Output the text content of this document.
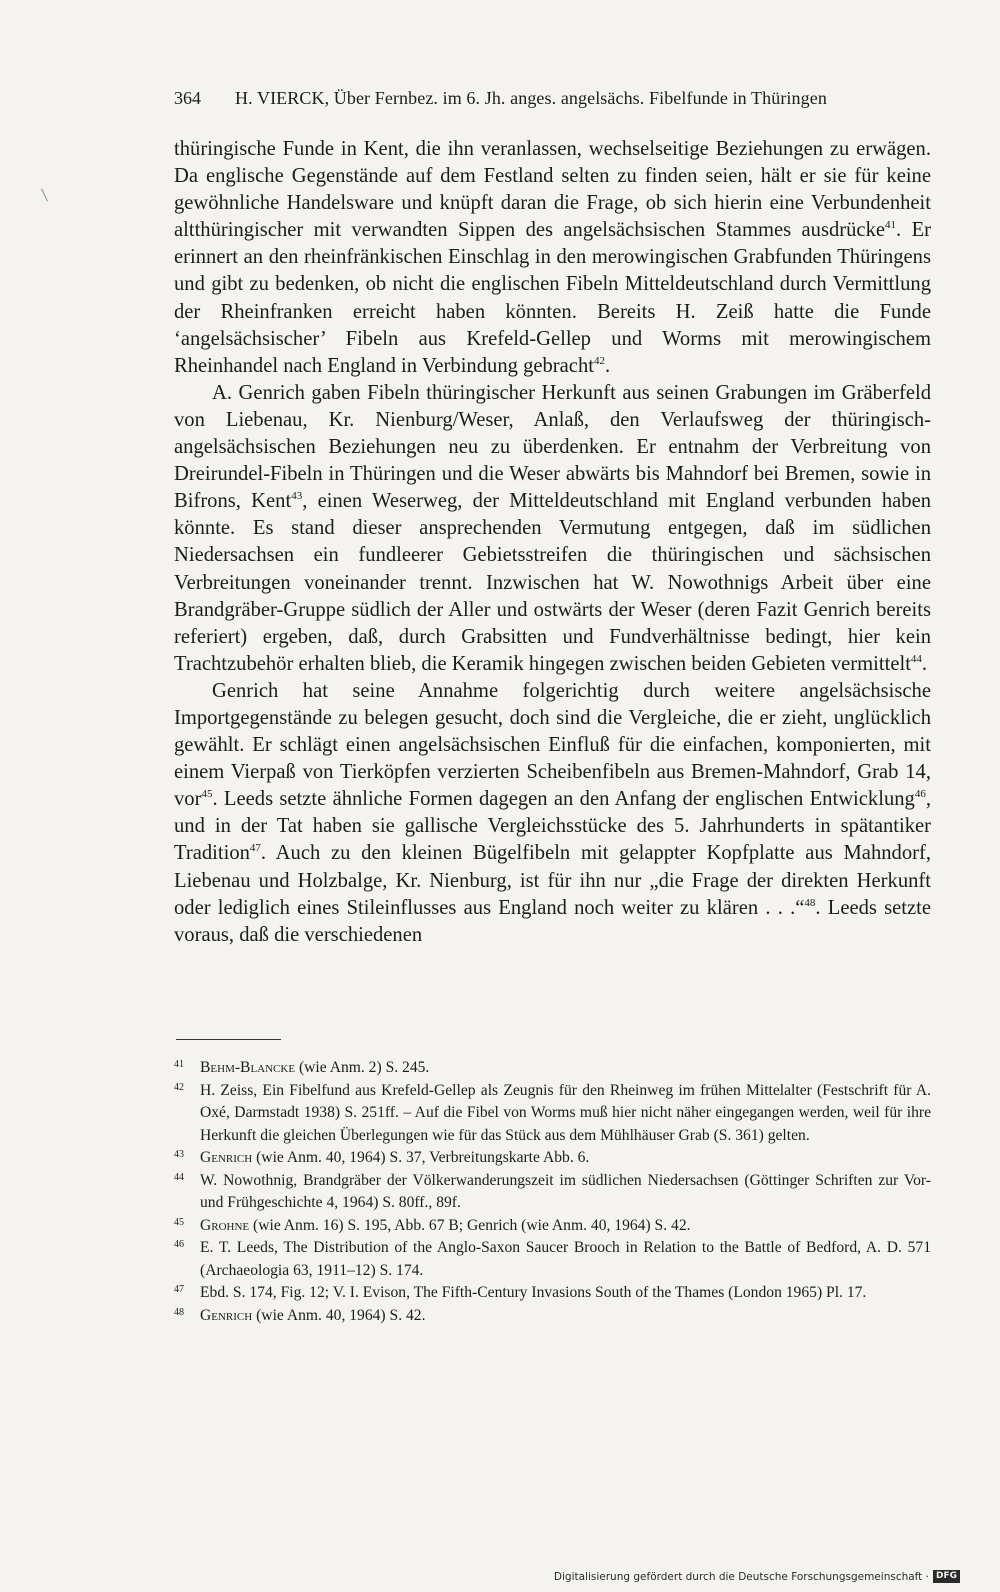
364 H. VIERCK, Über Fernbez. im 6. Jh. anges. angelsächs. Fibelfunde in Thüringen

thüringische Funde in Kent, die ihn veranlassen, wechselseitige Beziehungen zu erwägen. Da englische Gegenstände auf dem Festland selten zu finden seien, hält er sie für keine gewöhnliche Handelsware und knüpft daran die Frage, ob sich hierin eine Verbundenheit altthüringischer mit verwandten Sippen des angelsächsischen Stammes ausdrücke$^{41}$. Er erinnert an den rheinfränkischen Einschlag in den merowingischen Grabfunden Thüringens und gibt zu bedenken, ob nicht die englischen Fibeln Mitteldeutschland durch Vermittlung der Rheinfranken erreicht haben könnten. Bereits H. Zeiß hatte die Funde ‘angelsächsischer’ Fibeln aus Krefeld-Gellep und Worms mit merowingischem Rheinhandel nach England in Verbindung gebracht$^{42}$.

A. Genrich gaben Fibeln thüringischer Herkunft aus seinen Grabungen im Gräberfeld von Liebenau, Kr. Nienburg/Weser, Anlaß, den Verlaufsweg der thüringisch-angelsächsischen Beziehungen neu zu überdenken. Er entnahm der Verbreitung von Dreirundel-Fibeln in Thüringen und die Weser abwärts bis Mahndorf bei Bremen, sowie in Bifrons, Kent$^{43}$, einen Weserweg, der Mitteldeutschland mit England verbunden haben könnte. Es stand dieser ansprechenden Vermutung entgegen, daß im südlichen Niedersachsen ein fundleerer Gebietsstreifen die thüringischen und sächsischen Verbreitungen voneinander trennt. Inzwischen hat W. Nowothnigs Arbeit über eine Brandgräber-Gruppe südlich der Aller und ostwärts der Weser (deren Fazit Genrich bereits referiert) ergeben, daß, durch Grabsitten und Fundverhältnisse bedingt, hier kein Trachtzubehör erhalten blieb, die Keramik hingegen zwischen beiden Gebieten vermittelt$^{44}$.

Genrich hat seine Annahme folgerichtig durch weitere angelsächsische Importgegenstände zu belegen gesucht, doch sind die Vergleiche, die er zieht, unglücklich gewählt. Er schlägt einen angelsächsischen Einfluß für die einfachen, komponierten, mit einem Vierpaß von Tierköpfen verzierten Scheibenfibeln aus Bremen-Mahndorf, Grab 14, vor$^{45}$. Leeds setzte ähnliche Formen dagegen an den Anfang der englischen Entwicklung$^{46}$, und in der Tat haben sie gallische Vergleichsstücke des 5. Jahrhunderts in spätantiker Tradition$^{47}$. Auch zu den kleinen Bügelfibeln mit gelappter Kopfplatte aus Mahndorf, Liebenau und Holzbalge, Kr. Nienburg, ist für ihn nur „die Frage der direkten Herkunft oder lediglich eines Stileinflusses aus England noch weiter zu klären . . .“$^{48}$. Leeds setzte voraus, daß die verschiedenen

41	Behm-Blancke (wie Anm. 2) S. 245.
42	H. Zeiss, Ein Fibelfund aus Krefeld-Gellep als Zeugnis für den Rheinweg im frühen Mittelalter (Festschrift für A. Oxé, Darmstadt 1938) S. 251ff. – Auf die Fibel von Worms muß hier nicht näher eingegangen werden, weil für ihre Herkunft die gleichen Überlegungen wie für das Stück aus dem Mühlhäuser Grab (S. 361) gelten.
43	Genrich (wie Anm. 40, 1964) S. 37, Verbreitungskarte Abb. 6.
44	W. Nowothnig, Brandgräber der Völkerwanderungszeit im südlichen Niedersachsen (Göttinger Schriften zur Vor- und Frühgeschichte 4, 1964) S. 80ff., 89f.
45	Grohne (wie Anm. 16) S. 195, Abb. 67 B; Genrich (wie Anm. 40, 1964) S. 42.
46	E. T. Leeds, The Distribution of the Anglo-Saxon Saucer Brooch in Relation to the Battle of Bedford, A. D. 571 (Archaeologia 63, 1911–12) S. 174.
47	Ebd. S. 174, Fig. 12; V. I. Evison, The Fifth-Century Invasions South of the Thames (London 1965) Pl. 17.
48	Genrich (wie Anm. 40, 1964) S. 42.
Digitalisierung gefördert durch die Deutsche Forschungsgemeinschaft · DFG
